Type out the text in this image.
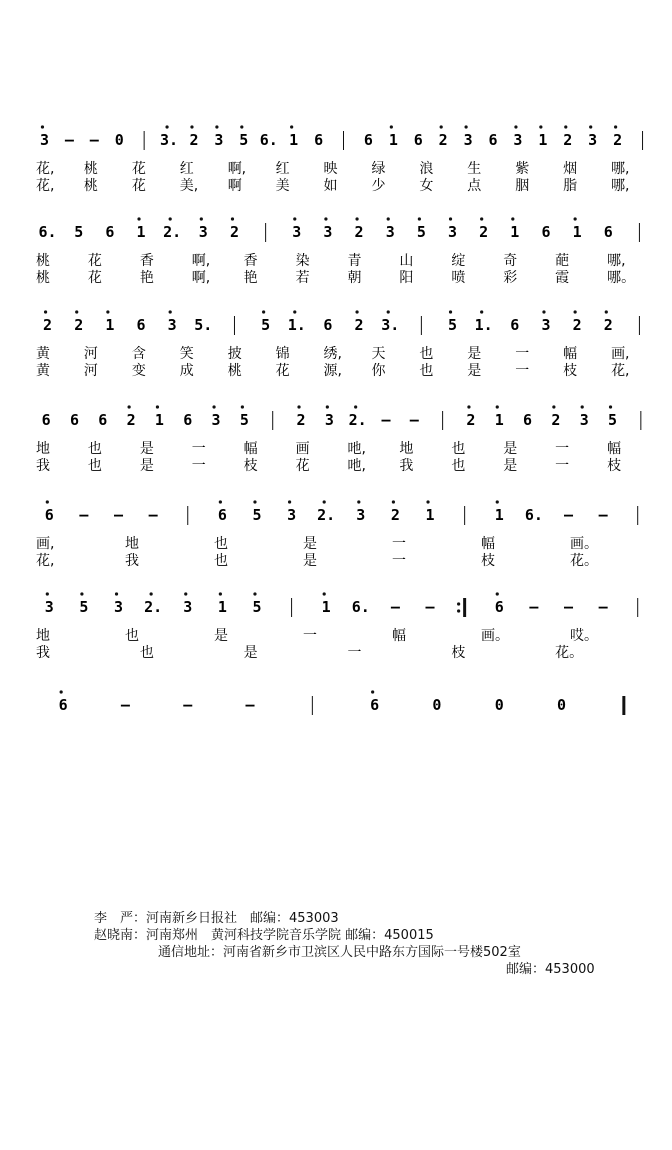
3 – – 0 3. 2 3 5 6. 1 6	6 1 6 2 3 6 3 1 2 3 2
花, 桃 花 红 啊, 红 映 绿 浪 生 紫 烟 哪,
花, 桃 花 美, 啊 美 如 少 女 点 胭 脂 哪,
6. 5 6 1 2. 3 2	3 3 2 3 5 3 2 1 6 1 6
桃	花	香	啊, 香	染	青	山	绽	奇	葩	哪,
桃	花	艳	啊, 艳	若	朝	阳	喷	彩	霞	哪。
2 2 1 6 3 5.	5 1. 6 2 3.	5 1. 6 3 2 2
黄 河 含 笑 披 锦 绣, 天 也 是 一 幅 画,
黄 河 变 成 桃 花 源, 你 也 是 一 枝 花,
6 6 6 2 1 6 3 5	2 3 2. – –	2 1 6 2 3 5
地	也	是	一	幅	画	吔, 地	也	是	一	幅
我	也	是	一	枝	花	吔, 我	也	是	一	枝
6 – – –	6 5 3 2. 3 2 1	1 6. – –
画,	地	也	是	一	幅	画。
花,	我	也	是	一	枝	花。
3 5 3 2. 3 1 5	1 6. – –	6 – – –
地	也	是	一	幅	画。	哎。
我	也	是	一	枝	花。
6	–	–	–	6	0	0	0
李　严：河南新乡日报社　邮编：453003
赵晓南：河南郑州　黄河科技学院音乐学院 邮编：450015
通信地址：河南省新乡市卫滨区人民中路东方国际一号楼502室
邮编：453000
